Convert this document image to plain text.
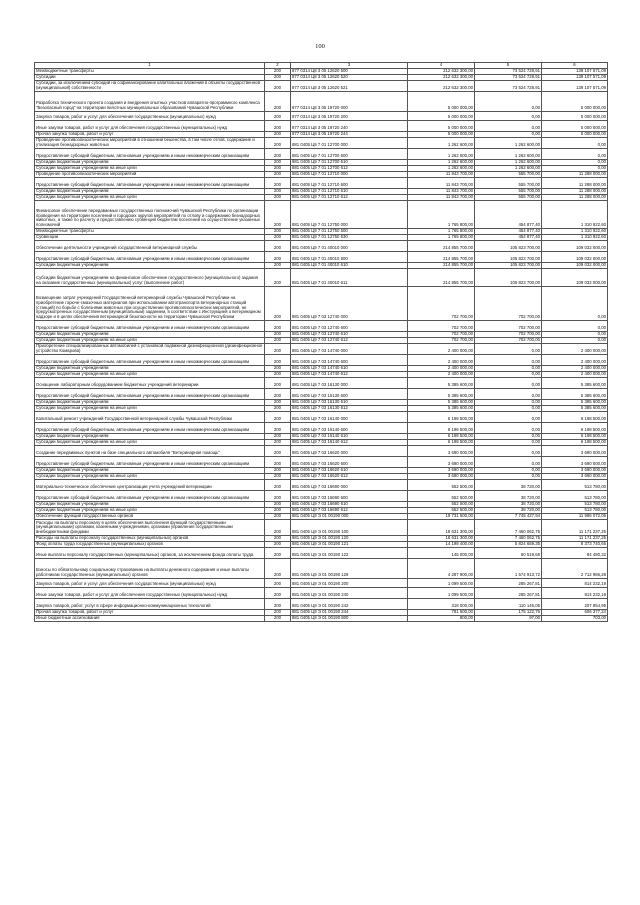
100
1	2	3	4	5	6
Межбюджетные трансферты	200	877 0314 Ц8 3 05 12620 500	212 632 300,00	73 524 728,91	139 107 571,09
Субсидии	200	877 0314 Ц8 3 05 12620 520	212 632 300,00	73 524 728,91	139 107 571,09
Субсидии, за исключением субсидий на софинансирование капитальных вложений в объекты государственной (муниципальной) собственности	200	877 0314 Ц8 3 05 12620 521	212 632 300,00	73 524 728,91	139 107 571,09
Разработка технического проекта создания и внедрения опытных участков аппаратно-программного комплекса "Безопасный город" на территории пилотных муниципальных образований Чувашской Республики	200	877 0314 Ц8 3 05 19720 000	5 000 000,00	0,00	5 000 000,00
Закупка товаров, работ и услуг для обеспечения государственных (муниципальных) нужд	200	877 0314 Ц8 3 05 19720 200	5 000 000,00	0,00	5 000 000,00
Иные закупки товаров, работ и услуг для обеспечения государственных (муниципальных) нужд	200	877 0314 Ц8 3 05 19720 240	5 000 000,00	0,00	5 000 000,00
Прочая закупка товаров, работ и услуг	200	877 0314 Ц8 3 05 19720 244	5 000 000,00	0,00	5 000 000,00
Проведение противоэпизоотических мероприятий в отношении бешенства, в том числе отлов, содержание и утилизация безнадзорных животных	200	881 0405 Ц9 7 01 12700 000	1 262 600,00	1 262 600,00	0,00
Предоставление субсидий бюджетным, автономным учреждениям и иным некоммерческим организациям	200	881 0405 Ц9 7 01 12700 600	1 262 600,00	1 262 600,00	0,00
Субсидии бюджетным учреждениям	200	881 0405 Ц9 7 01 12700 610	1 262 600,00	1 262 600,00	0,00
Субсидии бюджетным учреждениям на иные цели	200	881 0405 Ц9 7 01 12700 612	1 262 600,00	1 262 600,00	0,00
Проведение противоэпизоотических мероприятий	200	881 0405 Ц9 7 01 12710 000	11 843 700,00	555 700,00	11 288 000,00
Предоставление субсидий бюджетным, автономным учреждениям и иным некоммерческим организациям	200	881 0405 Ц9 7 01 12710 600	11 843 700,00	555 700,00	11 288 000,00
Субсидии бюджетным учреждениям	200	881 0405 Ц9 7 01 12710 610	11 843 700,00	555 700,00	11 288 000,00
Субсидии бюджетным учреждениям на иные цели	200	881 0405 Ц9 7 01 12710 612	11 843 700,00	555 700,00	11 288 000,00
Финансовое обеспечение передаваемых государственных полномочий Чувашской Республики по организации проведения на территории поселений и городских округов мероприятий по отлову и содержанию безнадзорных животных, а также по расчету и предоставлению субвенций бюджетам поселений на осуществление указанных полномочий	200	881 0405 Ц9 7 01 12750 000	1 765 800,00	454 877,40	1 310 922,60
Межбюджетные трансферты	200	881 0405 Ц9 7 01 12750 500	1 765 800,00	454 877,40	1 310 922,60
Субвенции	200	881 0405 Ц9 7 01 12750 530	1 765 800,00	454 877,40	1 310 922,60
Обеспечение деятельности учреждений государственной ветеринарной службы	200	881 0405 Ц9 7 01 40010 000	214 855 700,00	105 823 700,00	109 032 000,00
Предоставление субсидий бюджетным, автономным учреждениям и иным некоммерческим организациям	200	881 0405 Ц9 7 01 40010 600	214 855 700,00	105 823 700,00	109 032 000,00
Субсидии бюджетным учреждениям	200	881 0405 Ц9 7 01 40010 610	214 855 700,00	105 823 700,00	109 032 000,00
Субсидии бюджетным учреждениям на финансовое обеспечение государственного (муниципального) задания на оказание государственных (муниципальных) услуг (выполнение работ)	200	881 0405 Ц9 7 01 40010 611	214 855 700,00	105 823 700,00	109 032 000,00
Возмещение затрат учреждений Государственной ветеринарной службы Чувашской Республики на приобретение горюче-смазочных материалов при использовании автотранспорта ветеринарных станций (станций) по борьбе с болезнями животных при осуществлении противоэпизоотических мероприятий, не предусмотренных государственным (муниципальным) заданием, в соответствии с Инструкцией о ветеринарном надзоре и в целях обеспечения ветеринарной безопасности на территории Чувашской Республики	200	881 0405 Ц9 7 03 12740 000	702 700,00	702 700,00	0,00
Предоставление субсидий бюджетным, автономным учреждениям и иным некоммерческим организациям	200	881 0405 Ц9 7 03 12740 600	702 700,00	702 700,00	0,00
Субсидии бюджетным учреждениям	200	881 0405 Ц9 7 03 12740 610	702 700,00	702 700,00	0,00
Субсидии бюджетным учреждениям на иные цели	200	881 0405 Ц9 7 03 12740 612	702 700,00	702 700,00	0,00
Приобретение специализированных автомобилей с установкой подвижной дезинфекционной (дезинфекционное устройство Комарова)	200	881 0405 Ц9 7 03 14740 000	2 400 000,00	0,00	2 400 000,00
Предоставление субсидий бюджетным, автономным учреждениям и иным некоммерческим организациям	200	881 0405 Ц9 7 03 14740 600	2 400 000,00	0,00	2 400 000,00
Субсидии бюджетным учреждениям	200	881 0405 Ц9 7 03 14740 610	2 400 000,00	0,00	2 400 000,00
Субсидии бюджетным учреждениям на иные цели	200	881 0405 Ц9 7 03 14740 612	2 400 000,00	0,00	2 400 000,00
Оснащение лабораторным оборудованием бюджетных учреждений ветеринарии	200	881 0405 Ц9 7 03 16130 000	5 385 600,00	0,00	5 385 600,00
Предоставление субсидий бюджетным, автономным учреждениям и иным некоммерческим организациям	200	881 0405 Ц9 7 03 16130 600	5 385 600,00	0,00	5 385 600,00
Субсидии бюджетным учреждениям	200	881 0405 Ц9 7 03 16130 610	5 385 600,00	0,00	5 385 600,00
Субсидии бюджетным учреждениям на иные цели	200	881 0405 Ц9 7 03 16130 612	5 385 600,00	0,00	5 385 600,00
Капитальный ремонт учреждений Государственной ветеринарной службы Чувашской Республики	200	881 0405 Ц9 7 03 16140 000	6 198 500,00	0,00	6 198 500,00
Предоставление субсидий бюджетным, автономным учреждениям и иным некоммерческим организациям	200	881 0405 Ц9 7 03 16140 600	6 198 500,00	0,00	6 198 500,00
Субсидии бюджетным учреждениям	200	881 0405 Ц9 7 03 16140 610	6 198 500,00	0,00	6 198 500,00
Субсидии бюджетным учреждениям на иные цели	200	881 0405 Ц9 7 03 16140 612	6 198 500,00	0,00	6 198 500,00
Создание передвижных пунктов на базе специального автомобиля "Ветеринарная помощь"	200	881 0405 Ц9 7 03 16620 000	3 690 000,00	0,00	3 690 000,00
Предоставление субсидий бюджетным, автономным учреждениям и иным некоммерческим организациям	200	881 0405 Ц9 7 03 16620 600	3 690 000,00	0,00	3 690 000,00
Субсидии бюджетным учреждениям	200	881 0405 Ц9 7 03 16620 610	3 690 000,00	0,00	3 690 000,00
Субсидии бюджетным учреждениям на иные цели	200	881 0405 Ц9 7 03 16620 612	3 690 000,00	0,00	3 690 000,00
Материально-техническое обеспечение централизации учета учреждений ветеринарии	200	881 0405 Ц9 7 03 16690 000	552 500,00	38 720,00	513 780,00
Предоставление субсидий бюджетным, автономным учреждениям и иным некоммерческим организациям	200	881 0405 Ц9 7 03 16690 600	552 500,00	38 720,00	513 780,00
Субсидии бюджетным учреждениям	200	881 0405 Ц9 7 03 16690 610	552 500,00	38 720,00	513 780,00
Субсидии бюджетным учреждениям на иные цели	200	881 0405 Ц9 7 03 16690 612	552 500,00	38 720,00	513 780,00
Обеспечение функций государственных органов	200	881 0405 Ц9 Э 01 00190 000	19 731 500,00	7 745 427,94	11 986 072,06
Расходы на выплаты персоналу в целях обеспечения выполнения функций государственными (муниципальными) органами, казенными учреждениями, органами управления государственными внебюджетными фондами	200	881 0405 Ц9 Э 01 00190 100	18 631 300,00	7 460 062,75	11 171 237,25
Расходы на выплаты персоналу государственных (муниципальных) органов	200	881 0405 Ц9 Э 01 00190 120	18 631 300,00	7 460 062,75	11 171 237,25
Фонд оплаты труда государственных (муниципальных) органов	200	881 0405 Ц9 Э 01 00190 121	14 198 400,00	5 824 659,35	8 373 740,65
Иные выплаты персоналу государственных (муниципальных) органов, за исключением фонда оплаты труда	200	881 0405 Ц9 Э 01 00190 122	145 000,00	60 519,68	84 480,32
Взносы по обязательному социальному страхованию на выплаты денежного содержания и иные выплаты работникам государственных (муниципальных) органов	200	881 0405 Ц9 Э 01 00190 129	4 287 900,00	1 574 913,72	2 712 986,28
Закупка товаров, работ и услуг для обеспечения государственных (муниципальных) нужд	200	881 0405 Ц9 Э 01 00190 200	1 099 500,00	285 267,81	814 232,19
Иные закупки товаров, работ и услуг для обеспечения государственных (муниципальных) нужд	200	881 0405 Ц9 Э 01 00190 240	1 099 500,00	285 267,81	814 232,19
Закупка товаров, работ, услуг в сфере информационно-коммуникационных технологий	200	881 0405 Ц9 Э 01 00190 242	318 000,00	110 145,05	207 854,95
Прочая закупка товаров, работ и услуг	200	881 0405 Ц9 Э 01 00190 244	781 500,00	175 122,76	606 377,24
Иные бюджетные ассигнования	200	881 0405 Ц9 Э 01 00190 800	800,00	97,00	703,00
